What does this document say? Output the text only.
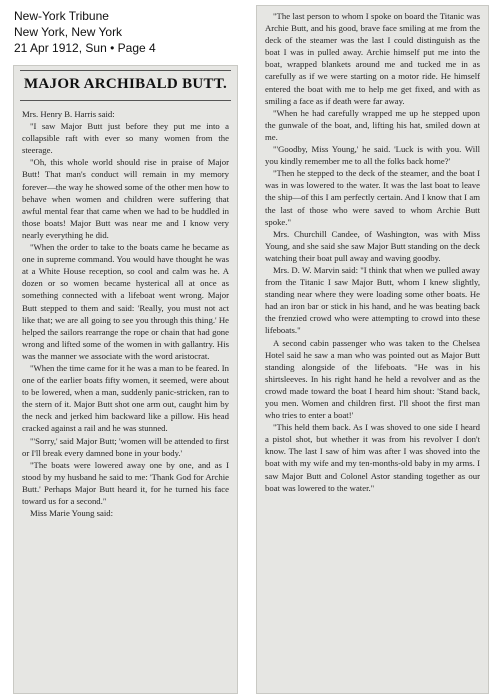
New-York Tribune
New York, New York
21 Apr 1912, Sun • Page 4
MAJOR ARCHIBALD BUTT.

Mrs. Henry B. Harris said:

"I saw Major Butt just before they put me into a collapsible raft with ever so many women from the steerage.

"Oh, this whole world should rise in praise of Major Butt! That man's conduct will remain in my memory forever—the way he showed some of the other men how to behave when women and children were suffering that awful mental fear that came when we had to be huddled in those boats! Major Butt was near me and I know very nearly everything he did.

"When the order to take to the boats came he became as one in supreme command. You would have thought he was at a White House reception, so cool and calm was he. A dozen or so women became hysterical all at once as something connected with a lifeboat went wrong. Major Butt stepped to them and said: 'Really, you must not act like that; we are all going to see you through this thing.' He helped the sailors rearrange the rope or chain that had gone wrong and lifted some of the women in with gallantry. His was the manner we associate with the word aristocrat.

"When the time came for it he was a man to be feared. In one of the earlier boats fifty women, it seemed, were about to be lowered, when a man, suddenly panic-stricken, ran to the stern of it. Major Butt shot one arm out, caught him by the neck and jerked him backward like a pillow. His head cracked against a rail and he was stunned.

"'Sorry,' said Major Butt; 'women will be attended to first or I'll break every damned bone in your body.'

"The boats were lowered away one by one, and as I stood by my husband he said to me: 'Thank God for Archie Butt.' Perhaps Major Butt heard it, for he turned his face toward us for a second."

Miss Marie Young said:

"The last person to whom I spoke on board the Titanic was Archie Butt, and his good, brave face smiling at me from the deck of the steamer was the last I could distinguish as the boat I was in pulled away. Archie himself put me into the boat, wrapped blankets around me and tucked me in as carefully as if we were starting on a motor ride. He himself entered the boat with me to help me get fixed, and with as smiling a face as if death were far away.

"When he had carefully wrapped me up he stepped upon the gunwale of the boat, and, lifting his hat, smiled down at me.

"'Goodby, Miss Young,' he said. 'Luck is with you. Will you kindly remember me to all the folks back home?'

"Then he stepped to the deck of the steamer, and the boat I was in was lowered to the water. It was the last boat to leave the ship—of this I am perfectly certain. And I know that I am the last of those who were saved to whom Archie Butt spoke."

Mrs. Churchill Candee, of Washington, was with Miss Young, and she said she saw Major Butt standing on the deck watching their boat pull away and waving goodby.

Mrs. D. W. Marvin said: "I think that when we pulled away from the Titanic I saw Major Butt, whom I knew slightly, standing near where they were loading some other boats. He had an iron bar or stick in his hand, and he was beating back the frenzied crowd who were attempting to crowd into these lifeboats."

A second cabin passenger who was taken to the Chelsea Hotel said he saw a man who was pointed out as Major Butt standing alongside of the lifeboats. "He was in his shirtsleeves. In his right hand he held a revolver and as the crowd made toward the boat I heard him shout: 'Stand back, you men. Women and children first. I'll shoot the first man who tries to enter a boat!'

"This held them back. As I was shoved to one side I heard a pistol shot, but whether it was from his revolver I don't know. The last I saw of him was after I was shoved into the boat with my wife and my ten-months-old baby in my arms. I saw Major Butt and Colonel Astor standing together as our boat was lowered to the water."
